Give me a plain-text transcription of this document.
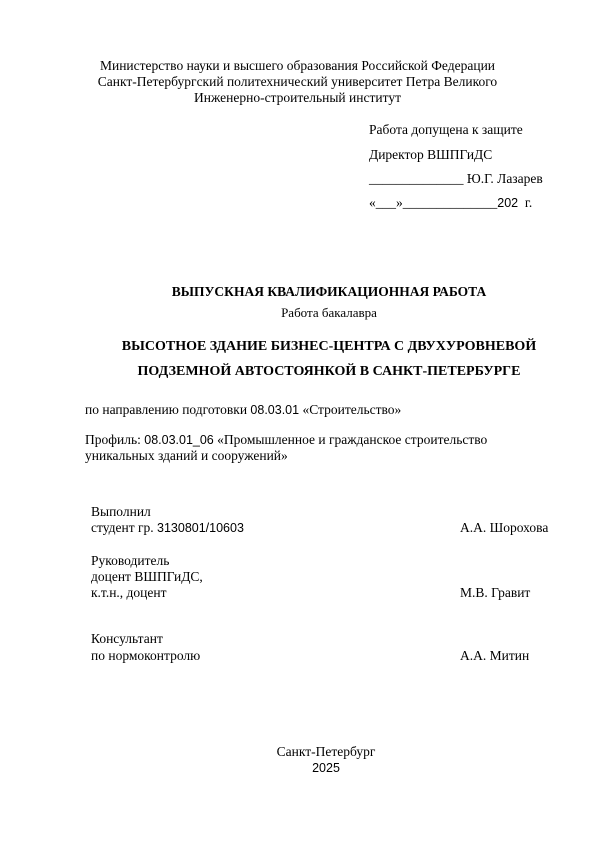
Министерство науки и высшего образования Российской Федерации
Санкт-Петербургский политехнический университет Петра Великого
Инженерно-строительный институт
Работа допущена к защите
Директор ВШПГиДС
______________ Ю.Г. Лазарев
«___»______________202 г.
ВЫПУСКНАЯ КВАЛИФИКАЦИОННАЯ РАБОТА
Работа бакалавра
ВЫСОТНОЕ ЗДАНИЕ БИЗНЕС-ЦЕНТРА С ДВУХУРОВНЕВОЙ
ПОДЗЕМНОЙ АВТОСТОЯНКОЙ В САНКТ-ПЕТЕРБУРГЕ
по направлению подготовки 08.03.01 «Строительство»
Профиль: 08.03.01_06 «Промышленное и гражданское строительство
уникальных зданий и сооружений»
Выполнил
студент гр. 3130801/10603	А.А. Шорохова
Руководитель
доцент ВШПГиДС,
к.т.н., доцент	М.В. Гравит
Консультант
по нормоконтролю	А.А. Митин
Санкт-Петербург
2025
